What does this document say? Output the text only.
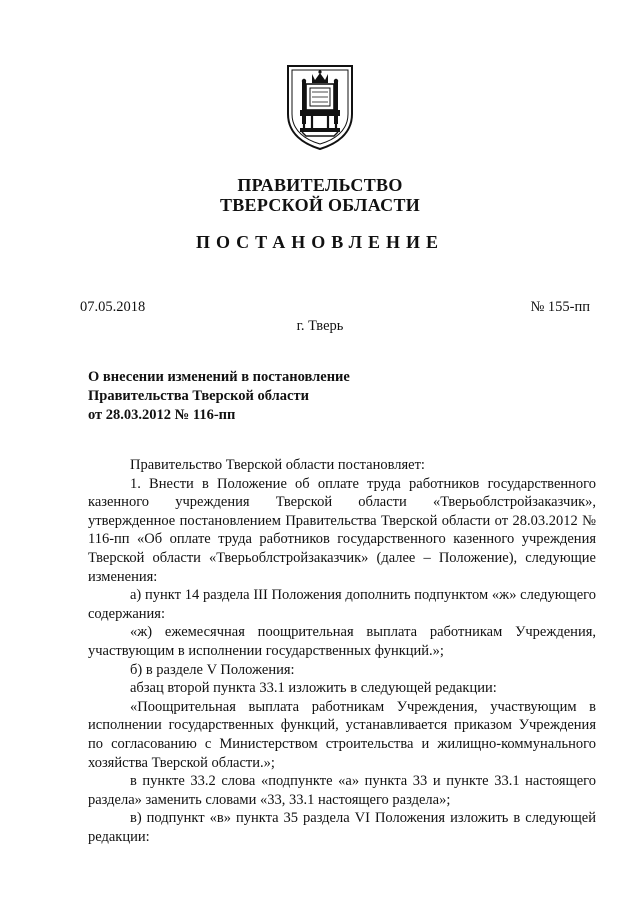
ПРАВИТЕЛЬСТВО
ТВЕРСКОЙ ОБЛАСТИ
ПОСТАНОВЛЕНИЕ
07.05.2018	№ 155-пп
г. Тверь
О внесении изменений в постановление
Правительства Тверской области
от 28.03.2012 № 116-пп

Правительство Тверской области постановляет:

1. Внести в Положение об оплате труда работников государственного казенного учреждения Тверской области «Тверьоблстройзаказчик», утвержденное постановлением Правительства Тверской области от 28.03.2012 № 116-пп «Об оплате труда работников государственного казенного учреждения Тверской области «Тверьоблстройзаказчик» (далее – Положение), следующие изменения:

а) пункт 14 раздела III Положения дополнить подпунктом «ж» следующего содержания:

«ж) ежемесячная поощрительная выплата работникам Учреждения, участвующим в исполнении государственных функций.»;

б) в разделе V Положения:

абзац второй пункта 33.1 изложить в следующей редакции:

«Поощрительная выплата работникам Учреждения, участвующим в исполнении государственных функций, устанавливается приказом Учреждения по согласованию с Министерством строительства и жилищно-коммунального хозяйства Тверской области.»;

в пункте 33.2 слова «подпункте «а» пункта 33 и пункте 33.1 настоящего раздела» заменить словами «33, 33.1 настоящего раздела»;

в) подпункт «в» пункта 35 раздела VI Положения изложить в следующей редакции:
